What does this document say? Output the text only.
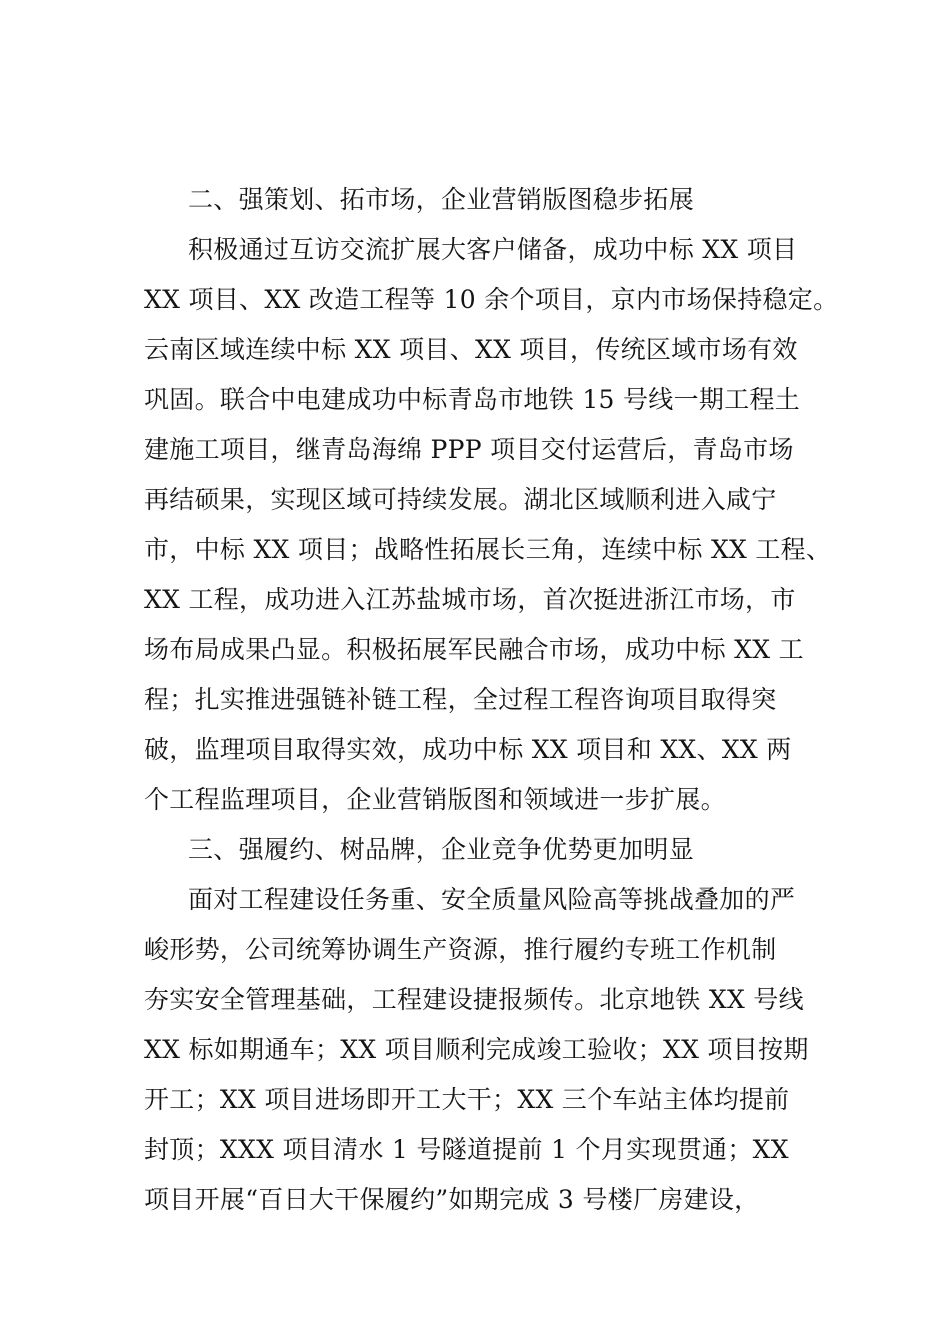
二、强策划、拓市场，企业营销版图稳步拓展
积极通过互访交流扩展大客户储备，成功中标 XX 项目
XX 项目、XX 改造工程等 10 余个项目，京内市场保持稳定。
云南区域连续中标 XX 项目、XX 项目，传统区域市场有效
巩固。联合中电建成功中标青岛市地铁 15 号线一期工程土
建施工项目，继青岛海绵 PPP 项目交付运营后，青岛市场
再结硕果，实现区域可持续发展。湖北区域顺利进入咸宁
市，中标 XX 项目；战略性拓展长三角，连续中标 XX 工程、
XX 工程，成功进入江苏盐城市场，首次挺进浙江市场，市
场布局成果凸显。积极拓展军民融合市场，成功中标 XX 工
程；扎实推进强链补链工程，全过程工程咨询项目取得突
破，监理项目取得实效，成功中标 XX 项目和 XX、XX 两
个工程监理项目，企业营销版图和领域进一步扩展。
三、强履约、树品牌，企业竞争优势更加明显
面对工程建设任务重、安全质量风险高等挑战叠加的严
峻形势，公司统筹协调生产资源，推行履约专班工作机制
夯实安全管理基础，工程建设捷报频传。北京地铁 XX 号线
XX 标如期通车；XX 项目顺利完成竣工验收；XX 项目按期
开工；XX 项目进场即开工大干；XX 三个车站主体均提前
封顶；XXX 项目清水 1 号隧道提前 1 个月实现贯通；XX
项目开展“百日大干保履约”如期完成 3 号楼厂房建设，
